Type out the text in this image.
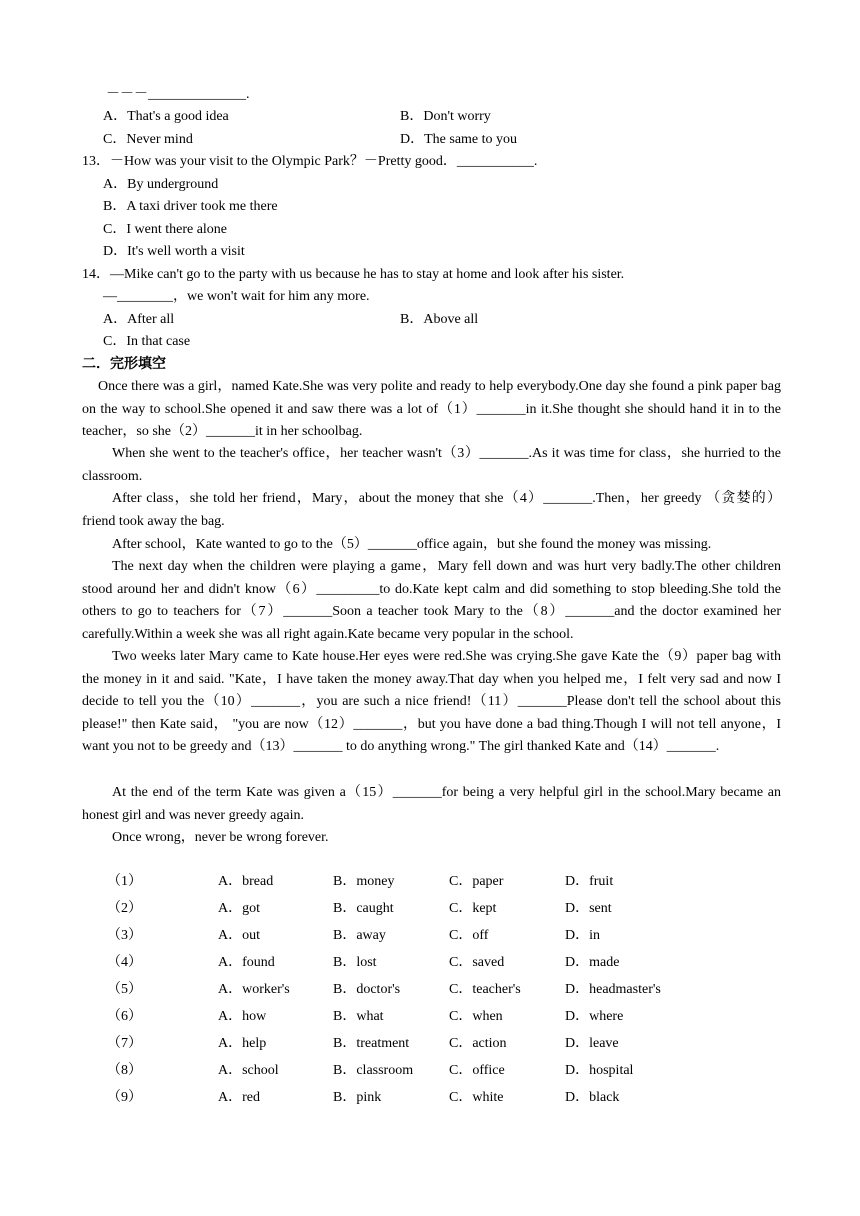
－－－______________.
A．That's a good idea	B．Don't worry
C．Never mind	D．The same to you
13．－How was your visit to the Olympic Park？－Pretty good．___________.
A．By underground
B．A taxi driver took me there
C．I went there alone
D．It's well worth a visit
14．—Mike can't go to the party with us because he has to stay at home and look after his sister.
—________，we won't wait for him any more.
A．After all	B．Above all
C．In that case
二．完形填空
Once there was a girl，named Kate.She was very polite and ready to help everybody.One day she found a pink paper bag on the way to school.She opened it and saw there was a lot of（1）_______in it.She thought she should hand it in to the teacher，so she（2）_______it in her schoolbag.
When she went to the teacher's office，her teacher wasn't（3）_______.As it was time for class，she hurried to the classroom.
After class，she told her friend，Mary，about the money that she（4）_______.Then，her greedy （贪婪的） friend took away the bag.
After school，Kate wanted to go to the（5）_______office again，but she found the money was missing.
The next day when the children were playing a game，Mary fell down and was hurt very badly.The other children stood around her and didn't know（6）_________to do.Kate kept calm and did something to stop bleeding.She told the others to go to teachers for（7）_______Soon a teacher took Mary to the（8）_______and the doctor examined her carefully.Within a week she was all right again.Kate became very popular in the school.
Two weeks later Mary came to Kate house.Her eyes were red.She was crying.She gave Kate the（9）paper bag with the money in it and said. "Kate，I have taken the money away.That day when you helped me，I felt very sad and now I decide to tell you the（10）_______，you are such a nice friend!（11）_______Please don't tell the school about this please!" then Kate said， "you are now（12）_______，but you have done a bad thing.Though I will not tell anyone，I want you not to be greedy and（13）_______ to do anything wrong." The girl thanked Kate and（14）_______.
At the end of the term Kate was given a（15）_______for being a very helpful girl in the school.Mary became an honest girl and was never greedy again.
Once wrong，never be wrong forever.
（1）	A．bread	B．money	C．paper	D．fruit
（2）	A．got	B．caught	C．kept	D．sent
（3）	A．out	B．away	C．off	D．in
（4）	A．found	B．lost	C．saved	D．made
（5）	A．worker's	B．doctor's	C．teacher's	D．headmaster's
（6）	A．how	B．what	C．when	D．where
（7）	A．help	B．treatment	C．action	D．leave
（8）	A．school	B．classroom	C．office	D．hospital
（9）	A．red	B．pink	C．white	D．black
